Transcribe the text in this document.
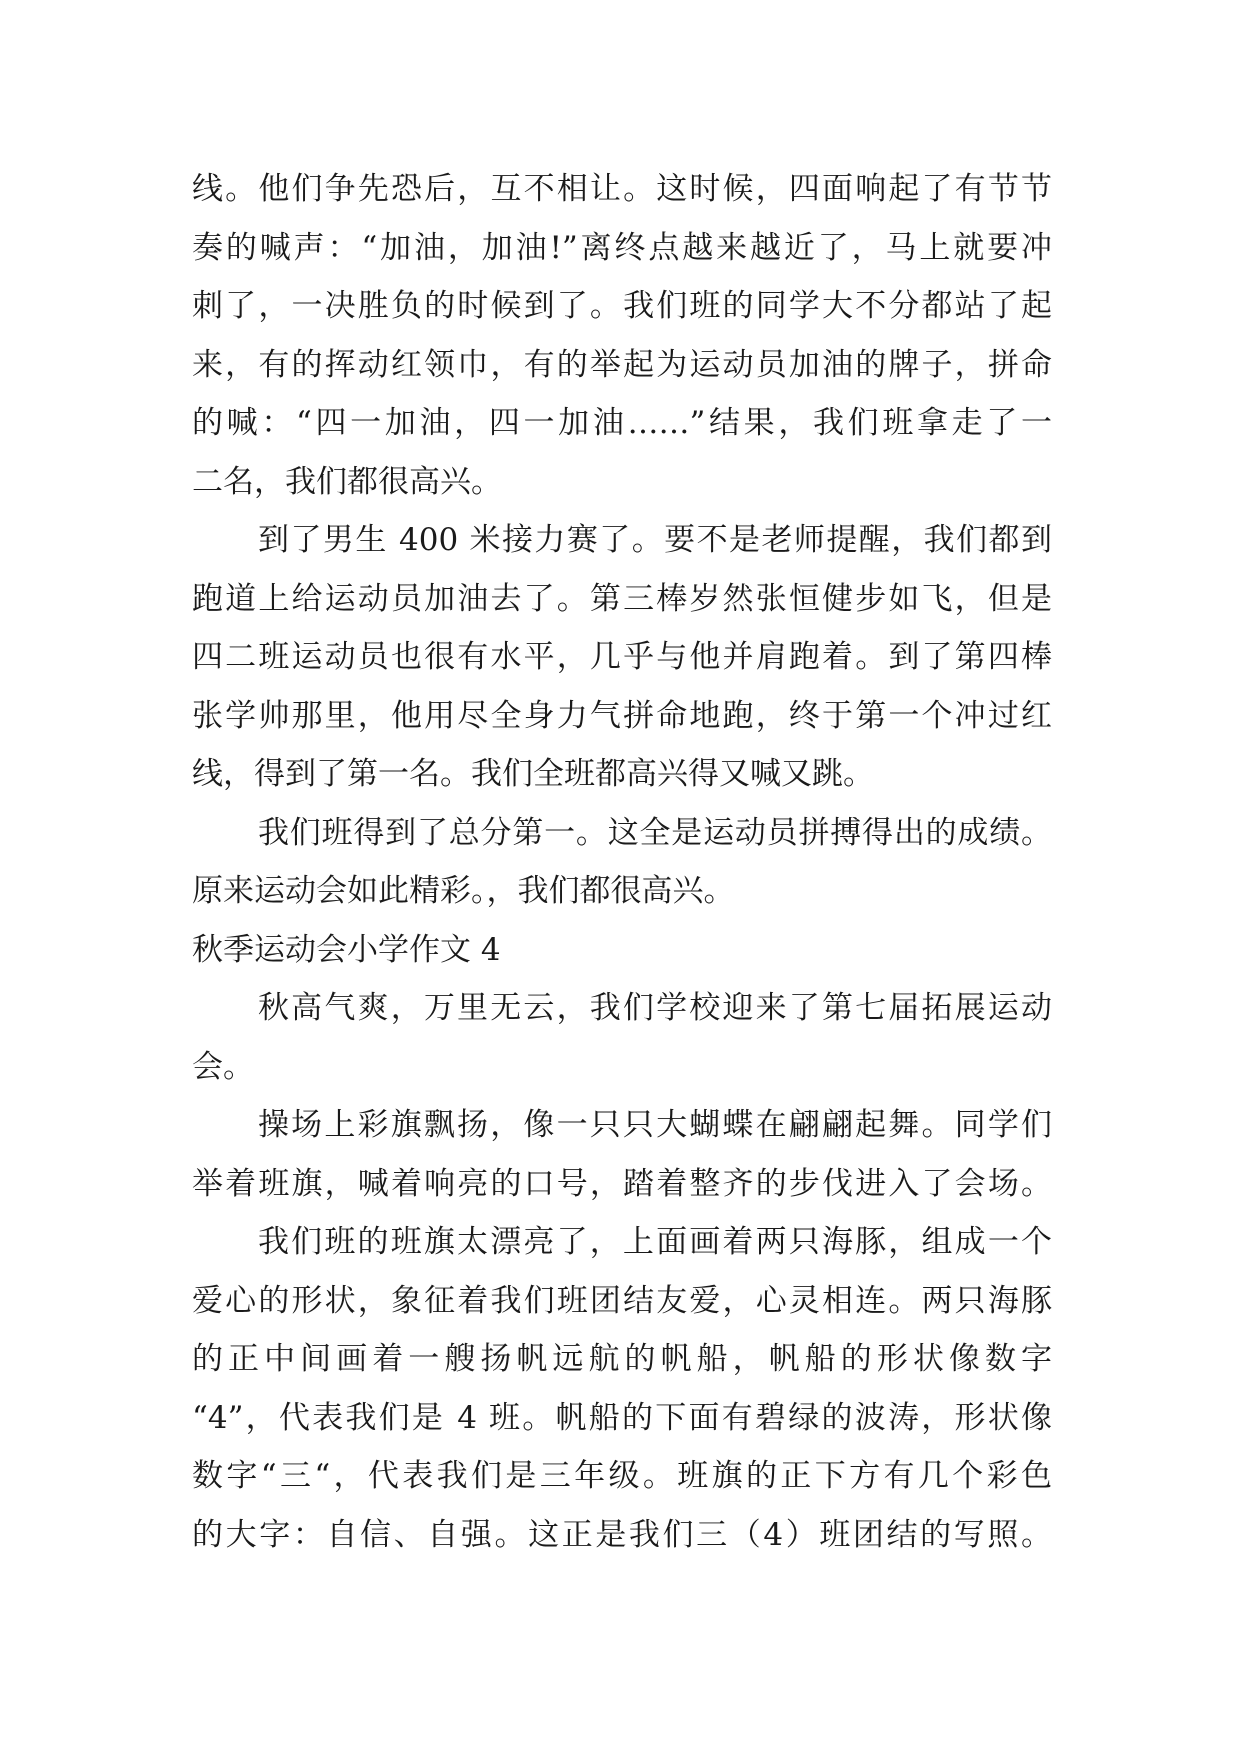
线。他们争先恐后，互不相让。这时候，四面响起了有节节
奏的喊声：“加油，加油!”离终点越来越近了，马上就要冲
刺了，一决胜负的时候到了。我们班的同学大不分都站了起
来，有的挥动红领巾，有的举起为运动员加油的牌子，拼命
的喊：“四一加油，四一加油……”结果，我们班拿走了一
二名，我们都很高兴。
到了男生 400 米接力赛了。要不是老师提醒，我们都到
跑道上给运动员加油去了。第三棒岁然张恒健步如飞，但是
四二班运动员也很有水平，几乎与他并肩跑着。到了第四棒
张学帅那里，他用尽全身力气拼命地跑，终于第一个冲过红
线，得到了第一名。我们全班都高兴得又喊又跳。
我们班得到了总分第一。这全是运动员拼搏得出的成绩。
原来运动会如此精彩。，我们都很高兴。
秋季运动会小学作文 4
秋高气爽，万里无云，我们学校迎来了第七届拓展运动
会。
操场上彩旗飘扬，像一只只大蝴蝶在翩翩起舞。同学们
举着班旗，喊着响亮的口号，踏着整齐的步伐进入了会场。
我们班的班旗太漂亮了，上面画着两只海豚，组成一个
爱心的形状，象征着我们班团结友爱，心灵相连。两只海豚
的正中间画着一艘扬帆远航的帆船，帆船的形状像数字
“4”，代表我们是 4 班。帆船的下面有碧绿的波涛，形状像
数字“三“，代表我们是三年级。班旗的正下方有几个彩色
的大字：自信、自强。这正是我们三（4）班团结的写照。
